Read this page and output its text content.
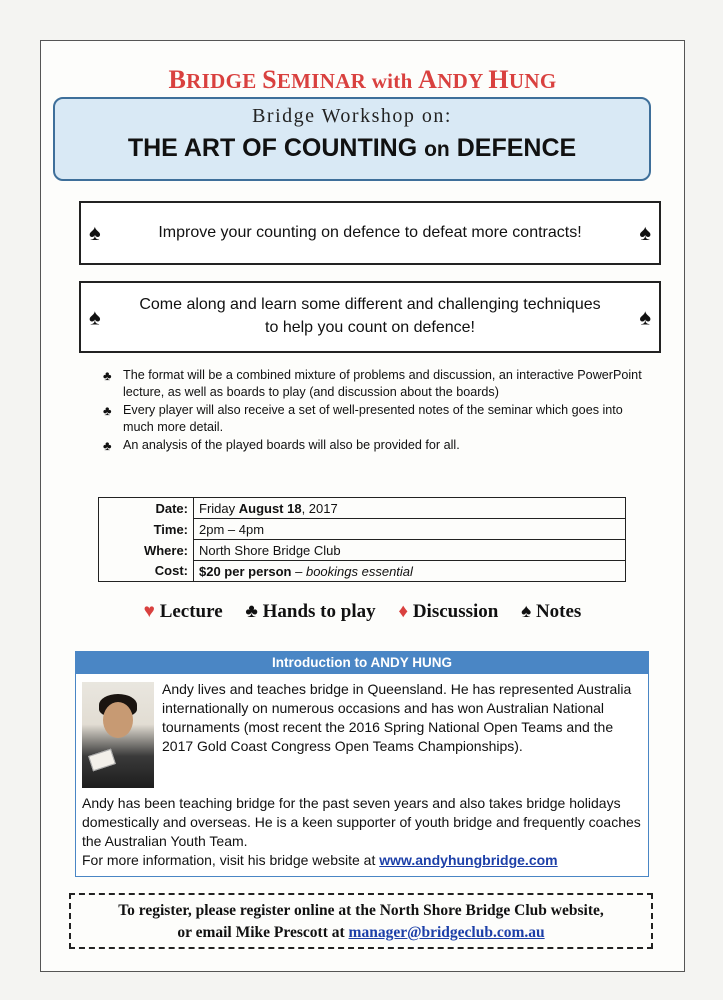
BRIDGE SEMINAR with ANDY HUNG
Bridge Workshop on:
THE ART OF COUNTING on DEFENCE
♠	Improve your counting on defence to defeat more contracts!	♠
♠	Come along and learn some different and challenging techniques
to help you count on defence!	♠
♣ The format will be a combined mixture of problems and discussion, an interactive PowerPoint lecture, as well as boards to play (and discussion about the boards)
♣ Every player will also receive a set of well-presented notes of the seminar which goes into much more detail.
♣ An analysis of the played boards will also be provided for all.
Date:	Friday August 18, 2017
Time:	2pm – 4pm
Where:	North Shore Bridge Club
Cost:	$20 per person – bookings essential
♥ Lecture ♣ Hands to play ♦ Discussion ♠ Notes
Introduction to ANDY HUNG
Andy lives and teaches bridge in Queensland. He has represented Australia internationally on numerous occasions and has won Australian National tournaments (most recent the 2016 Spring National Open Teams and the 2017 Gold Coast Congress Open Teams Championships).
Andy has been teaching bridge for the past seven years and also takes bridge holidays domestically and overseas. He is a keen supporter of youth bridge and frequently coaches the Australian Youth Team.
For more information, visit his bridge website at www.andyhungbridge.com
To register, please register online at the North Shore Bridge Club website,
or email Mike Prescott at manager@bridgeclub.com.au
